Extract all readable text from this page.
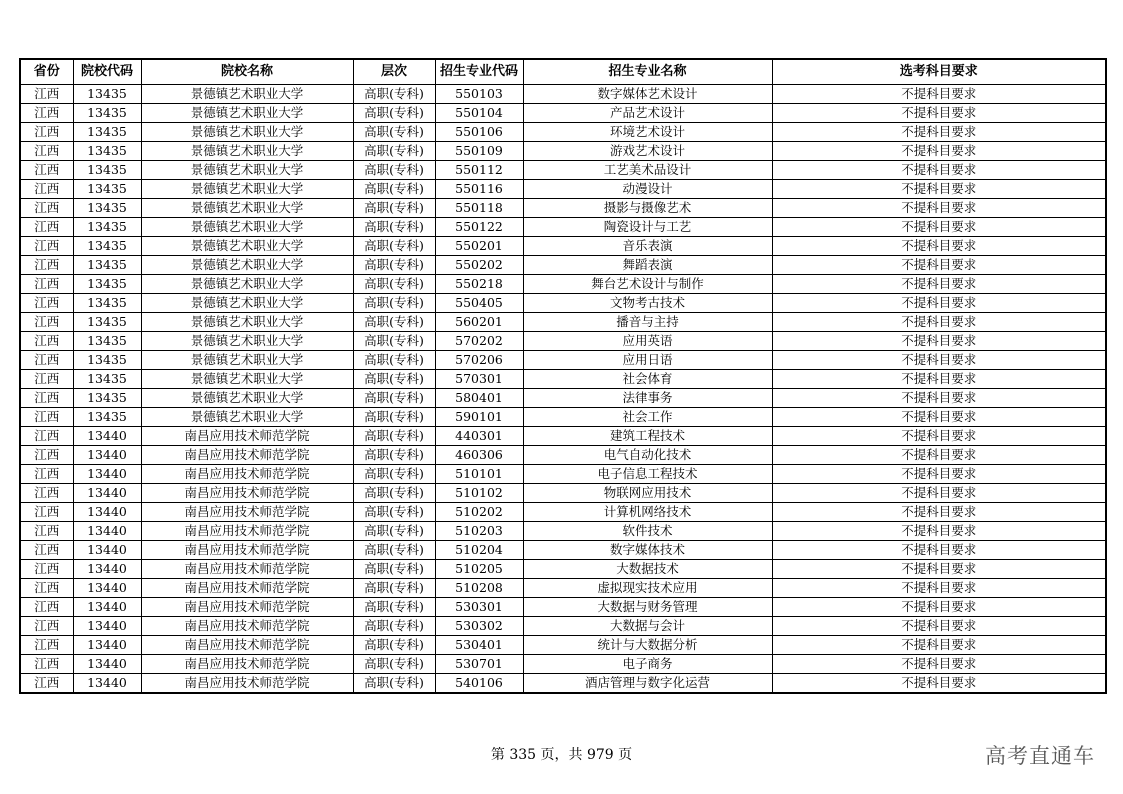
省份	院校代码	院校名称	层次	招生专业代码	招生专业名称	选考科目要求
江西	13435	景德镇艺术职业大学	高职(专科)	550103	数字媒体艺术设计	不提科目要求
江西	13435	景德镇艺术职业大学	高职(专科)	550104	产品艺术设计	不提科目要求
江西	13435	景德镇艺术职业大学	高职(专科)	550106	环境艺术设计	不提科目要求
江西	13435	景德镇艺术职业大学	高职(专科)	550109	游戏艺术设计	不提科目要求
江西	13435	景德镇艺术职业大学	高职(专科)	550112	工艺美术品设计	不提科目要求
江西	13435	景德镇艺术职业大学	高职(专科)	550116	动漫设计	不提科目要求
江西	13435	景德镇艺术职业大学	高职(专科)	550118	摄影与摄像艺术	不提科目要求
江西	13435	景德镇艺术职业大学	高职(专科)	550122	陶瓷设计与工艺	不提科目要求
江西	13435	景德镇艺术职业大学	高职(专科)	550201	音乐表演	不提科目要求
江西	13435	景德镇艺术职业大学	高职(专科)	550202	舞蹈表演	不提科目要求
江西	13435	景德镇艺术职业大学	高职(专科)	550218	舞台艺术设计与制作	不提科目要求
江西	13435	景德镇艺术职业大学	高职(专科)	550405	文物考古技术	不提科目要求
江西	13435	景德镇艺术职业大学	高职(专科)	560201	播音与主持	不提科目要求
江西	13435	景德镇艺术职业大学	高职(专科)	570202	应用英语	不提科目要求
江西	13435	景德镇艺术职业大学	高职(专科)	570206	应用日语	不提科目要求
江西	13435	景德镇艺术职业大学	高职(专科)	570301	社会体育	不提科目要求
江西	13435	景德镇艺术职业大学	高职(专科)	580401	法律事务	不提科目要求
江西	13435	景德镇艺术职业大学	高职(专科)	590101	社会工作	不提科目要求
江西	13440	南昌应用技术师范学院	高职(专科)	440301	建筑工程技术	不提科目要求
江西	13440	南昌应用技术师范学院	高职(专科)	460306	电气自动化技术	不提科目要求
江西	13440	南昌应用技术师范学院	高职(专科)	510101	电子信息工程技术	不提科目要求
江西	13440	南昌应用技术师范学院	高职(专科)	510102	物联网应用技术	不提科目要求
江西	13440	南昌应用技术师范学院	高职(专科)	510202	计算机网络技术	不提科目要求
江西	13440	南昌应用技术师范学院	高职(专科)	510203	软件技术	不提科目要求
江西	13440	南昌应用技术师范学院	高职(专科)	510204	数字媒体技术	不提科目要求
江西	13440	南昌应用技术师范学院	高职(专科)	510205	大数据技术	不提科目要求
江西	13440	南昌应用技术师范学院	高职(专科)	510208	虚拟现实技术应用	不提科目要求
江西	13440	南昌应用技术师范学院	高职(专科)	530301	大数据与财务管理	不提科目要求
江西	13440	南昌应用技术师范学院	高职(专科)	530302	大数据与会计	不提科目要求
江西	13440	南昌应用技术师范学院	高职(专科)	530401	统计与大数据分析	不提科目要求
江西	13440	南昌应用技术师范学院	高职(专科)	530701	电子商务	不提科目要求
江西	13440	南昌应用技术师范学院	高职(专科)	540106	酒店管理与数字化运营	不提科目要求
第 335 页，共 979 页	高考直通车
